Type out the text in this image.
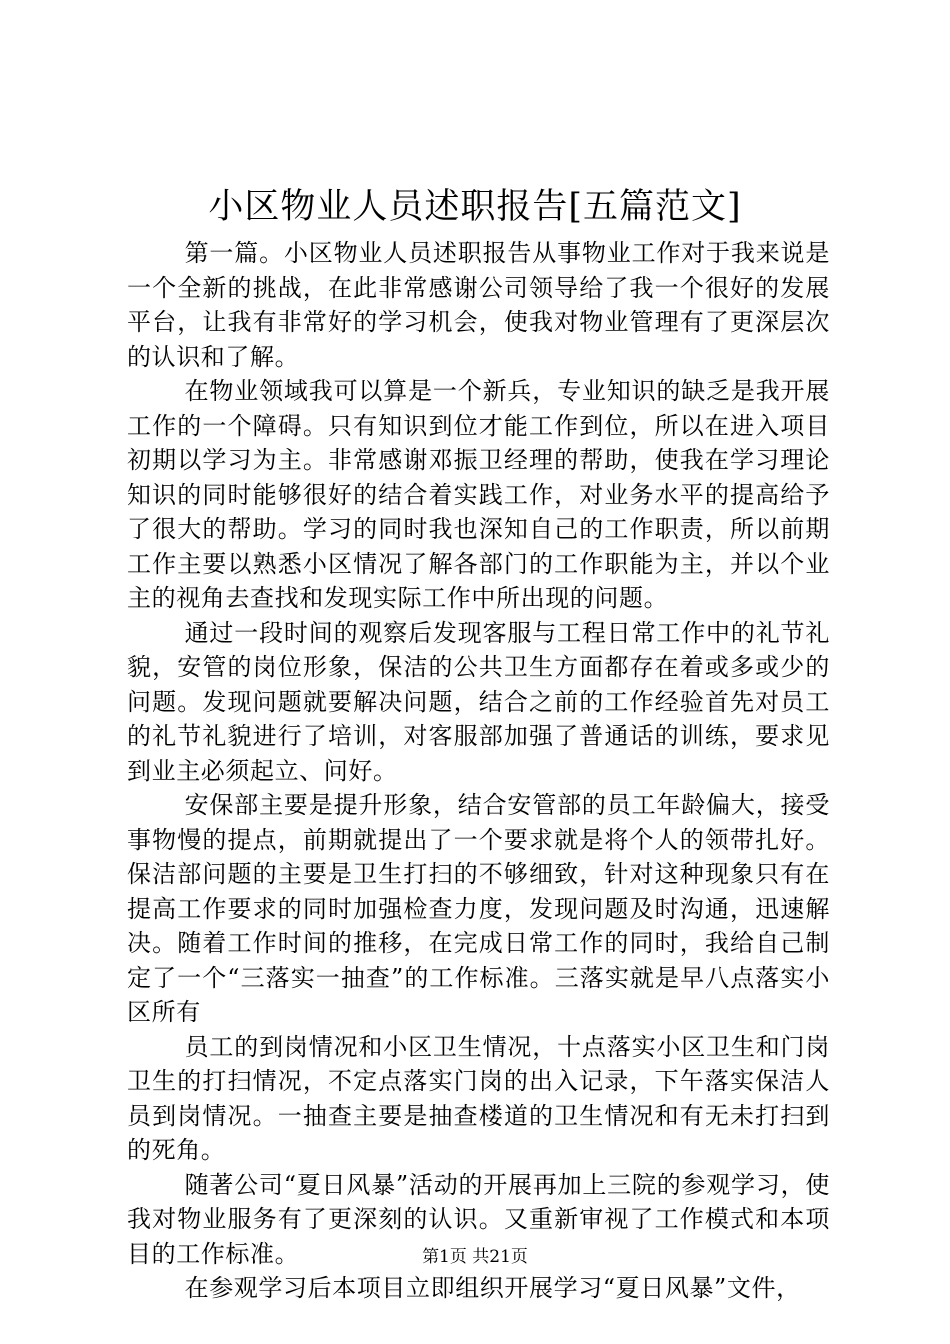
小区物业人员述职报告[五篇范文]

第一篇。小区物业人员述职报告从事物业工作对于我来说是一个全新的挑战，在此非常感谢公司领导给了我一个很好的发展平台，让我有非常好的学习机会，使我对物业管理有了更深层次的认识和了解。

在物业领域我可以算是一个新兵，专业知识的缺乏是我开展工作的一个障碍。只有知识到位才能工作到位，所以在进入项目初期以学习为主。非常感谢邓振卫经理的帮助，使我在学习理论知识的同时能够很好的结合着实践工作，对业务水平的提高给予了很大的帮助。学习的同时我也深知自己的工作职责，所以前期工作主要以熟悉小区情况了解各部门的工作职能为主，并以个业主的视角去查找和发现实际工作中所出现的问题。

通过一段时间的观察后发现客服与工程日常工作中的礼节礼貌，安管的岗位形象，保洁的公共卫生方面都存在着或多或少的问题。发现问题就要解决问题，结合之前的工作经验首先对员工的礼节礼貌进行了培训，对客服部加强了普通话的训练，要求见到业主必须起立、问好。

安保部主要是提升形象，结合安管部的员工年龄偏大，接受事物慢的提点，前期就提出了一个要求就是将个人的领带扎好。保洁部问题的主要是卫生打扫的不够细致，针对这种现象只有在提高工作要求的同时加强检查力度，发现问题及时沟通，迅速解决。随着工作时间的推移，在完成日常工作的同时，我给自己制定了一个“三落实一抽查”的工作标准。三落实就是早八点落实小区所有

员工的到岗情况和小区卫生情况，十点落实小区卫生和门岗卫生的打扫情况，不定点落实门岗的出入记录，下午落实保洁人员到岗情况。一抽查主要是抽查楼道的卫生情况和有无未打扫到的死角。

随著公司“夏日风暴”活动的开展再加上三院的参观学习，使我对物业服务有了更深刻的认识。又重新审视了工作模式和本项目的工作标准。

在参观学习后本项目立即组织开展学习“夏日风暴”文件，

第1页 共21页
